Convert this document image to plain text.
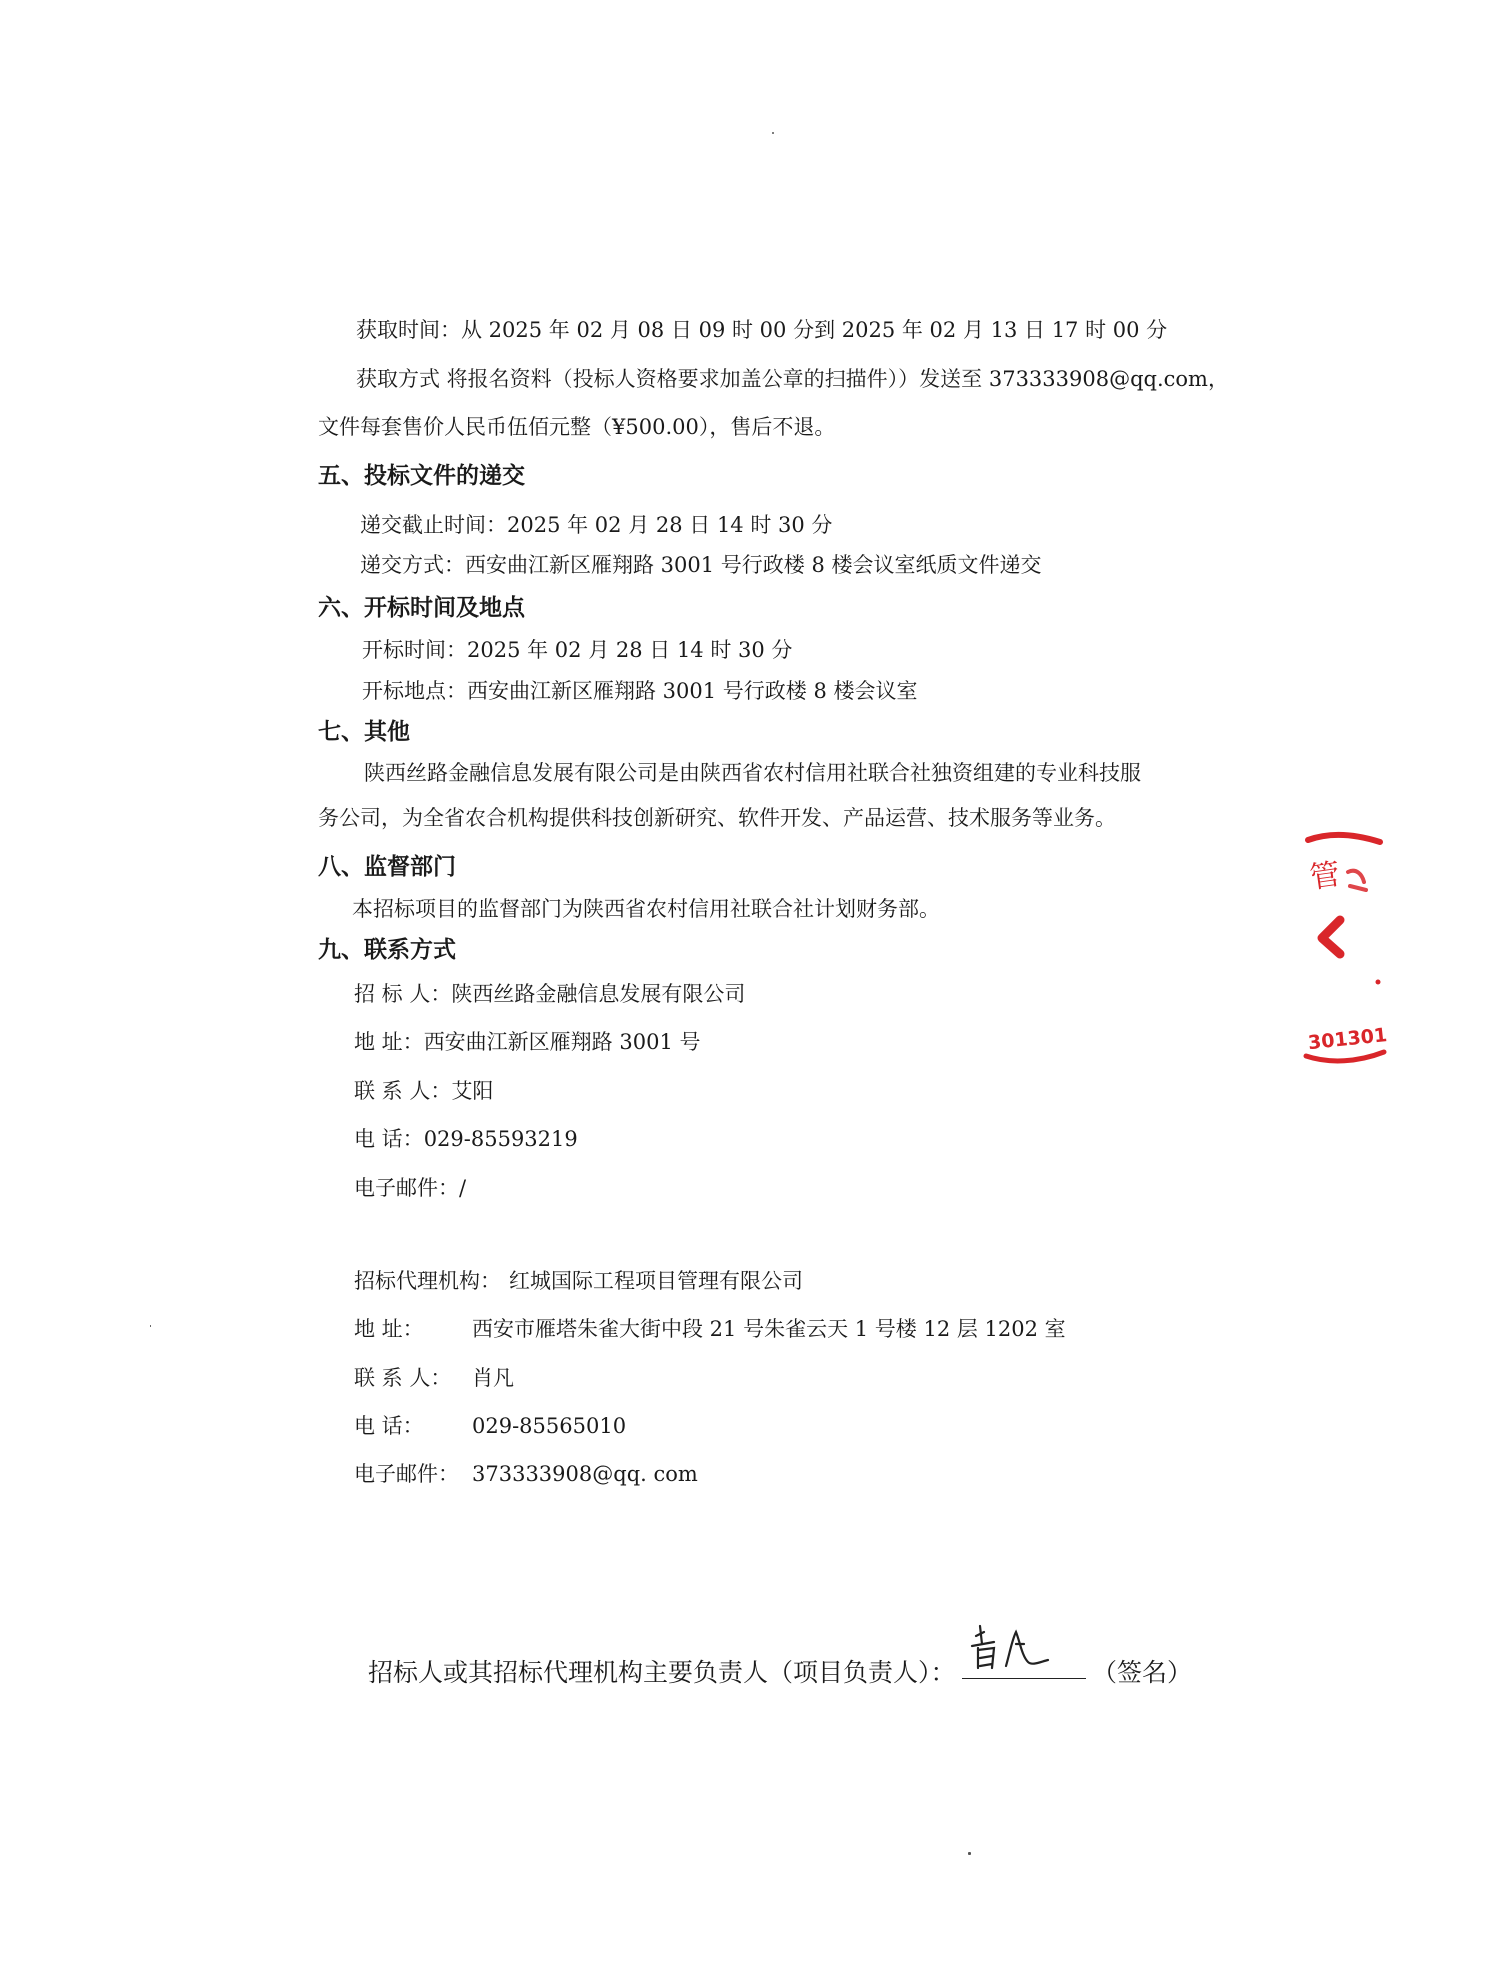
获取时间：从 2025 年 02 月 08 日 09 时 00 分到 2025 年 02 月 13 日 17 时 00 分
获取方式 将报名资料（投标人资格要求加盖公章的扫描件））发送至 373333908@qq.com，
文件每套售价人民币伍佰元整（¥500.00），售后不退。
五、投标文件的递交
递交截止时间：2025 年 02 月 28 日 14 时 30 分
递交方式：西安曲江新区雁翔路 3001 号行政楼 8 楼会议室纸质文件递交
六、开标时间及地点
开标时间：2025 年 02 月 28 日 14 时 30 分
开标地点：西安曲江新区雁翔路 3001 号行政楼 8 楼会议室
七、其他
陕西丝路金融信息发展有限公司是由陕西省农村信用社联合社独资组建的专业科技服
务公司，为全省农合机构提供科技创新研究、软件开发、产品运营、技术服务等业务。
八、监督部门
本招标项目的监督部门为陕西省农村信用社联合社计划财务部。
九、联系方式
招 标 人：陕西丝路金融信息发展有限公司
地 址：西安曲江新区雁翔路 3001 号
联 系 人：艾阳
电 话：029-85593219
电子邮件：/
招标代理机构： 红城国际工程项目管理有限公司
地 址： 西安市雁塔朱雀大街中段 21 号朱雀云天 1 号楼 12 层 1202 室
联 系 人： 肖凡
电 话： 029-85565010
电子邮件： 373333908@qq. com
招标人或其招标代理机构主要负责人（项目负责人）：	（签名）
管
301301
